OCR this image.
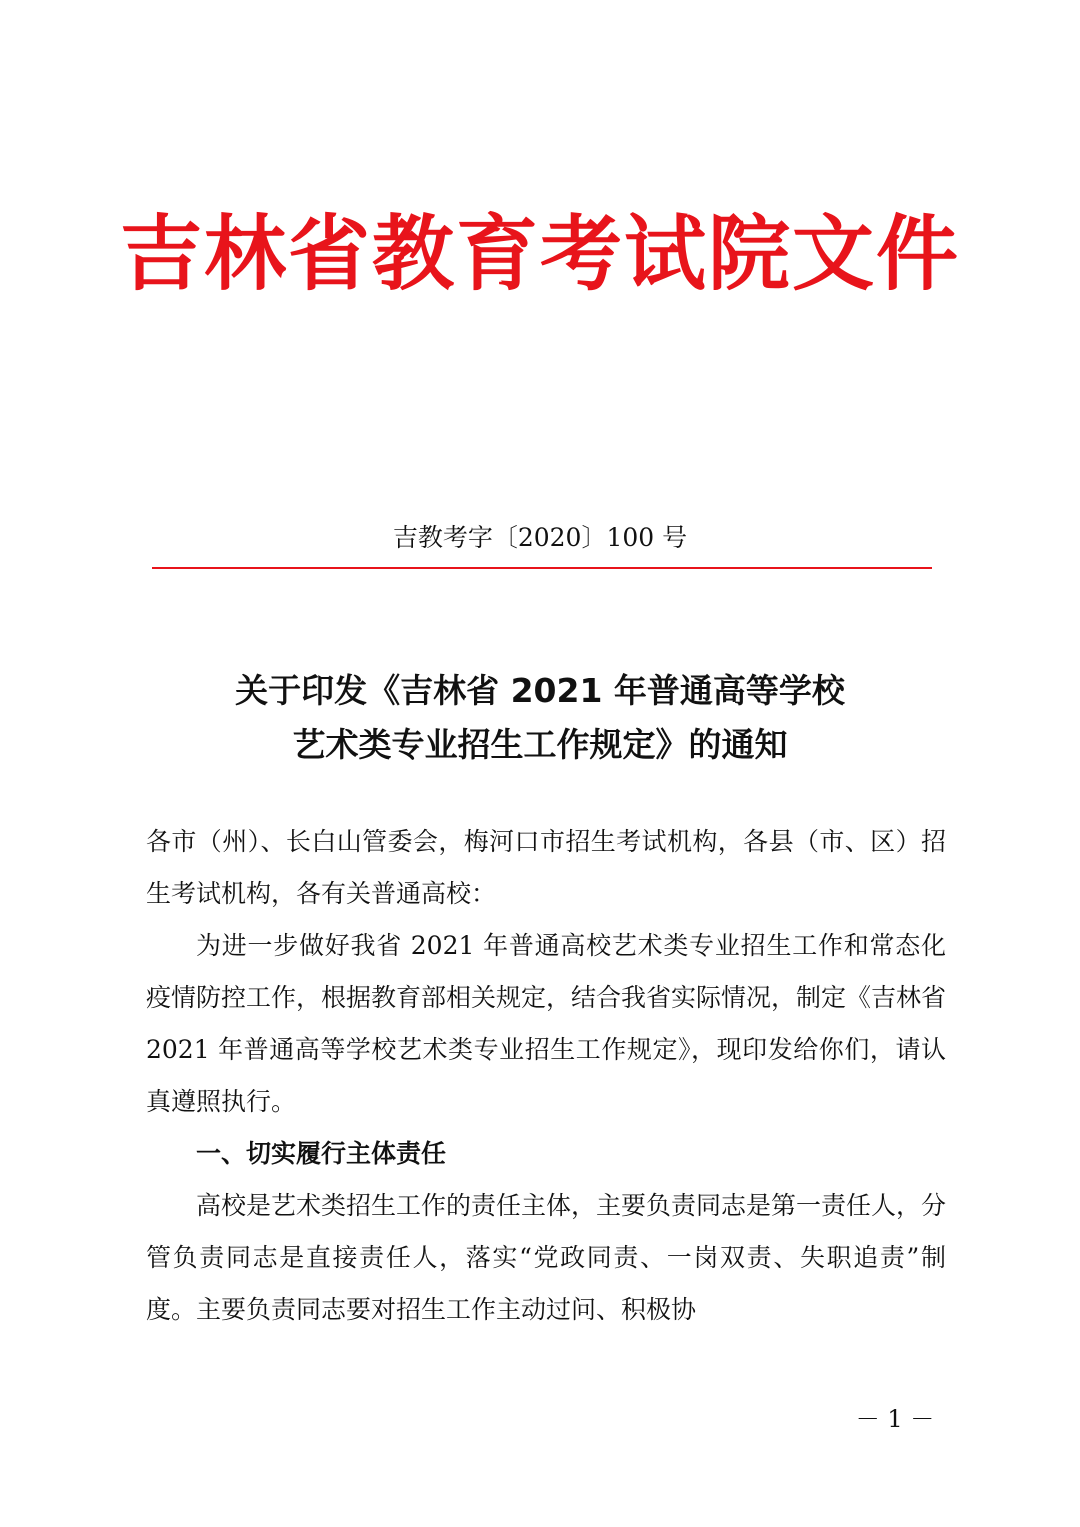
吉林省教育考试院文件
吉教考字〔2020〕100 号
关于印发《吉林省 2021 年普通高等学校
艺术类专业招生工作规定》的通知

各市（州）、长白山管委会，梅河口市招生考试机构，各县（市、区）招生考试机构，各有关普通高校：

为进一步做好我省 2021 年普通高校艺术类专业招生工作和常态化疫情防控工作，根据教育部相关规定，结合我省实际情况，制定《吉林省 2021 年普通高等学校艺术类专业招生工作规定》，现印发给你们，请认真遵照执行。

一、切实履行主体责任

高校是艺术类招生工作的责任主体，主要负责同志是第一责任人，分管负责同志是直接责任人，落实“党政同责、一岗双责、失职追责”制度。主要负责同志要对招生工作主动过问、积极协

－ 1 －
